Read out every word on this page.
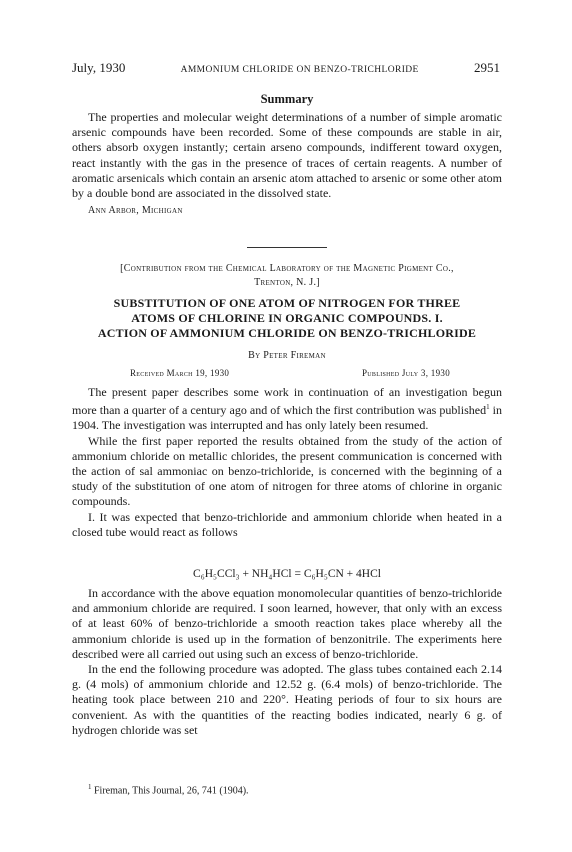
July, 1930	AMMONIUM CHLORIDE ON BENZO-TRICHLORIDE	2951
Summary

The properties and molecular weight determinations of a number of simple aromatic arsenic compounds have been recorded. Some of these compounds are stable in air, others absorb oxygen instantly; certain arseno compounds, indifferent toward oxygen, react instantly with the gas in the presence of traces of certain reagents. A number of aromatic arsenicals which contain an arsenic atom attached to arsenic or some other atom by a double bond are associated in the dissolved state.

Ann Arbor, Michigan

[Contribution from the Chemical Laboratory of the Magnetic Pigment Co.,
Trenton, N. J.]
SUBSTITUTION OF ONE ATOM OF NITROGEN FOR THREE
ATOMS OF CHLORINE IN ORGANIC COMPOUNDS. I.
ACTION OF AMMONIUM CHLORIDE ON BENZO-TRICHLORIDE
By Peter Fireman
Received March 19, 1930	Published July 3, 1930

The present paper describes some work in continuation of an investigation begun more than a quarter of a century ago and of which the first contribution was published$^1$ in 1904. The investigation was interrupted and has only lately been resumed.

While the first paper reported the results obtained from the study of the action of ammonium chloride on metallic chlorides, the present communication is concerned with the action of sal ammoniac on benzo-trichloride, is concerned with the beginning of a study of the substitution of one atom of nitrogen for three atoms of chlorine in organic compounds.

I. It was expected that benzo-trichloride and ammonium chloride when heated in a closed tube would react as follows

C₆H₅CCl₃ + NH₄HCl = C₆H₅CN + 4HCl

In accordance with the above equation monomolecular quantities of benzo-trichloride and ammonium chloride are required. I soon learned, however, that only with an excess of at least 60% of benzo-trichloride a smooth reaction takes place whereby all the ammonium chloride is used up in the formation of benzonitrile. The experiments here described were all carried out using such an excess of benzo-trichloride.

In the end the following procedure was adopted. The glass tubes contained each 2.14 g. (4 mols) of ammonium chloride and 12.52 g. (6.4 mols) of benzo-trichloride. The heating took place between 210 and 220°. Heating periods of four to six hours are convenient. As with the quantities of the reacting bodies indicated, nearly 6 g. of hydrogen chloride was set

$^1$ Fireman, This Journal, 26, 741 (1904).
